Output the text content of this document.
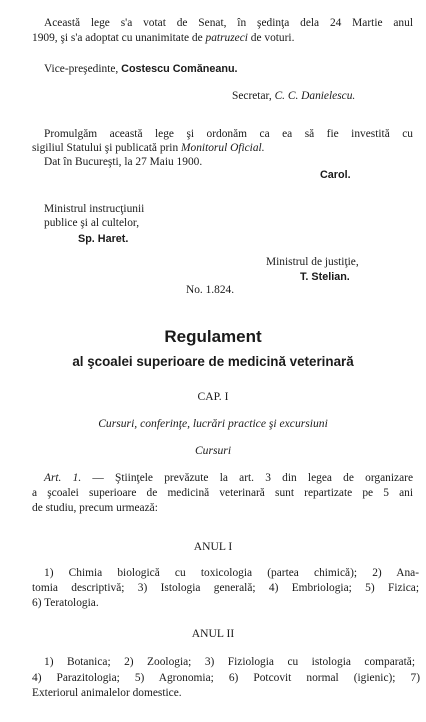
Această lege s'a votat de Senat, în şedinţa dela 24 Martie anul
1909, şi s'a adoptat cu unanimitate de patruzeci de voturi.
Vice-preşedinte, Costescu Comăneanu.
Secretar, C. C. Danielescu.
Promulgăm această lege şi ordonăm ca ea să fie investită cu
sigiliul Statului şi publicată prin Monitorul Oficial.
Dat în Bucureşti, la 27 Maiu 1900.
Carol.
Ministrul instrucţiunii
publice şi al cultelor,
Sp. Haret.
Ministrul de justiţie,
T. Stelian.
No. 1.824.
Regulament
al şcoalei superioare de medicină veterinară
CAP. I
Cursuri, conferinţe, lucrări practice şi excursiuni
Cursuri
Art. 1. — Ştiinţele prevăzute la art. 3 din legea de organizare
a şcoalei superioare de medicină veterinară sunt repartizate pe 5 ani
de studiu, precum urmează:
ANUL I
1) Chimia biologică cu toxicologia (partea chimică); 2) Ana-
tomia descriptivă; 3) Istologia generală; 4) Embriologia; 5) Fizica;
6) Teratologia.
ANUL II
1) Botanica; 2) Zoologia; 3) Fiziologia cu istologia comparată;
4) Parazitologia; 5) Agronomia; 6) Potcovit normal (igienic); 7)
Exteriorul animalelor domestice.
